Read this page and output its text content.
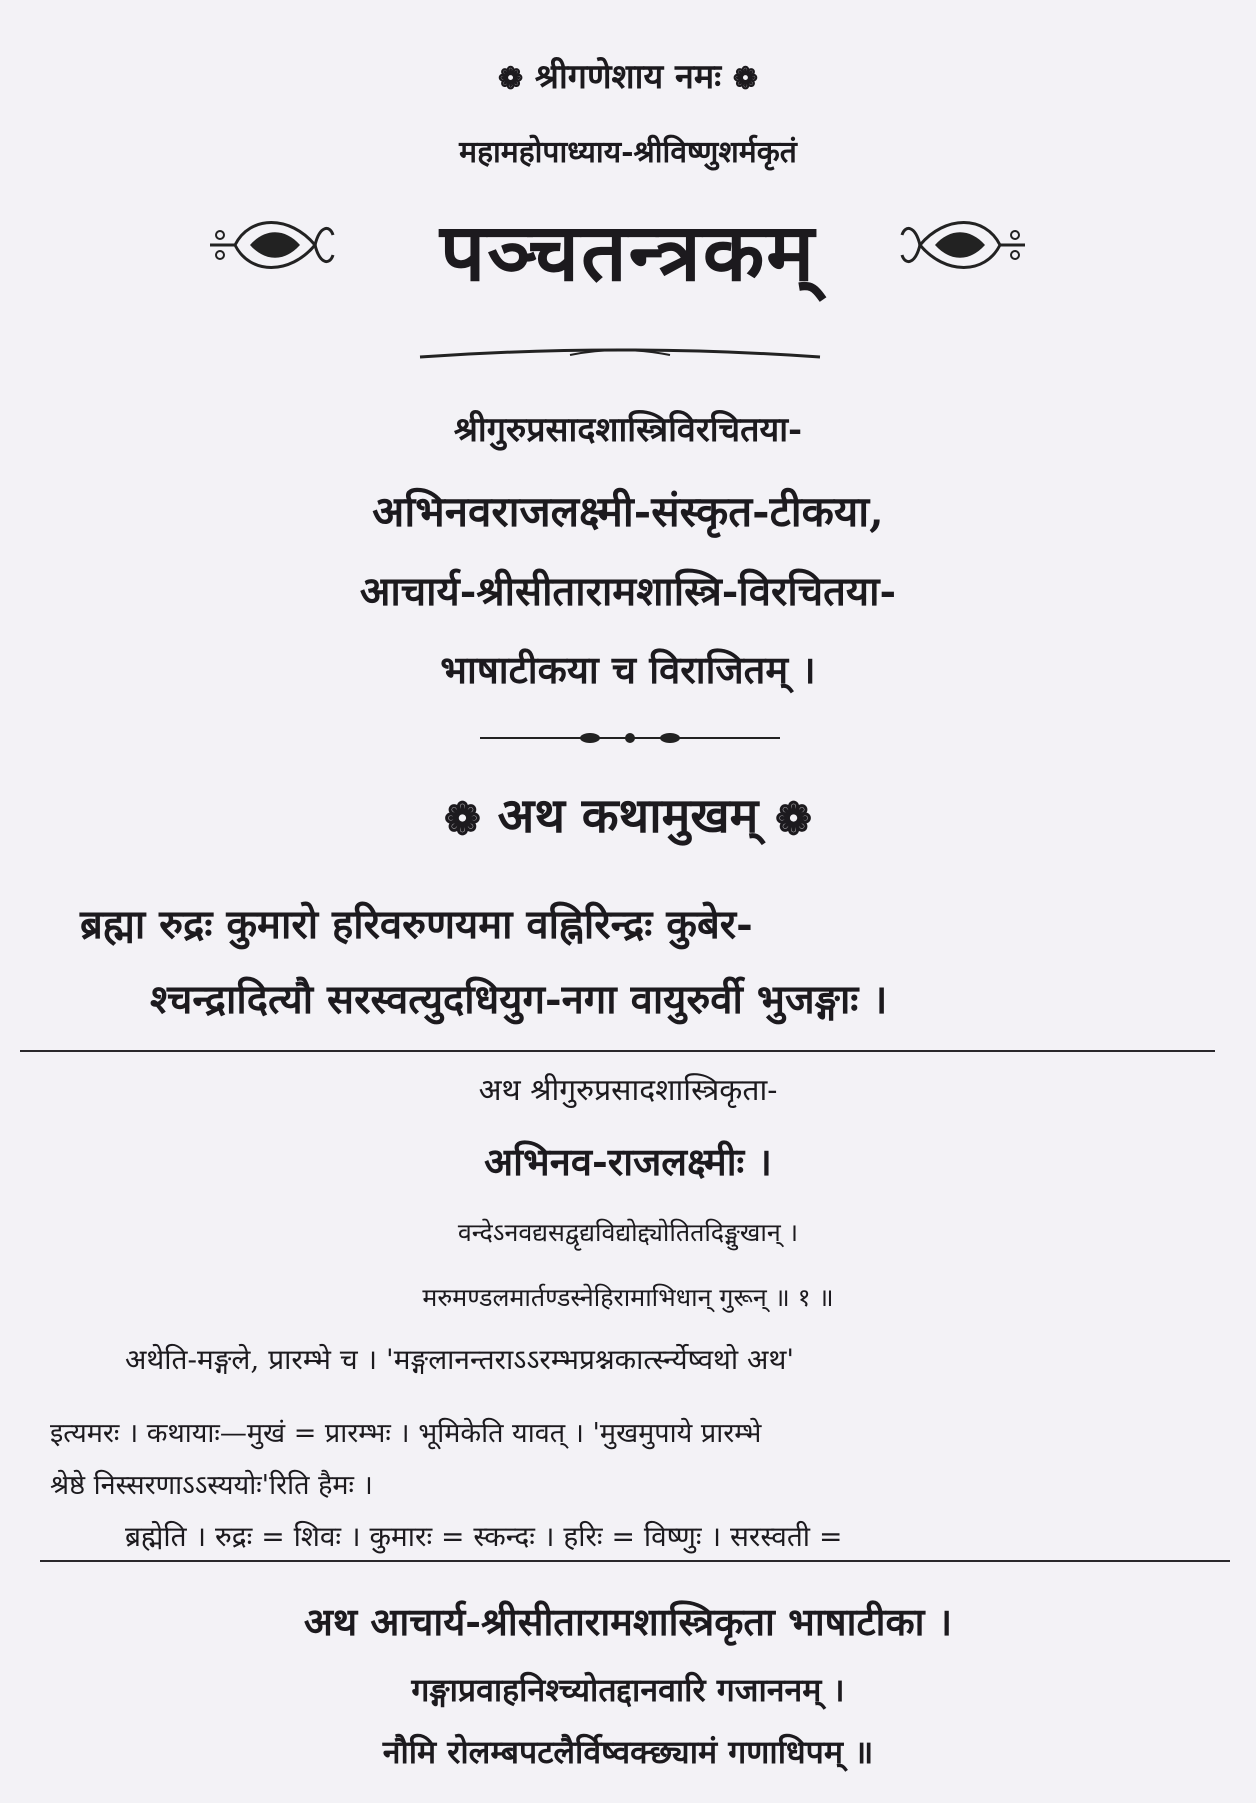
❁ श्रीगणेशाय नमः ❁
महामहोपाध्याय-श्रीविष्णुशर्मकृतं
पञ्चतन्त्रकम्
श्रीगुरुप्रसादशास्त्रिविरचितया-
अभिनवराजलक्ष्मी-संस्कृत-टीकया,
आचार्य-श्रीसीतारामशास्त्रि-विरचितया-
भाषाटीकया च विराजितम् ।
❁ अथ कथामुखम् ❁
ब्रह्मा रुद्रः कुमारो हरिवरुणयमा वह्निरिन्द्रः कुबेर-
श्चन्द्रादित्यौ सरस्वत्युदधियुग-नगा वायुरुर्वी भुजङ्गाः ।
अथ श्रीगुरुप्रसादशास्त्रिकृता-
अभिनव-राजलक्ष्मीः ।
वन्देऽनवद्यसद्वृद्यविद्योद्द्योतितदिङ्मुखान् ।
मरुमण्डलमार्तण्डस्नेहिरामाभिधान् गुरून् ॥ १ ॥
अथेति-मङ्गले, प्रारम्भे च । 'मङ्गलानन्तराऽऽरम्भप्रश्नकार्त्स्न्येष्वथो अथ'
इत्यमरः । कथायाः—मुखं = प्रारम्भः । भूमिकेति यावत् । 'मुखमुपाये प्रारम्भे
श्रेष्ठे निस्सरणाऽऽस्ययोः'रिति हैमः ।
ब्रह्मेति । रुद्रः = शिवः । कुमारः = स्कन्दः । हरिः = विष्णुः । सरस्वती =
अथ आचार्य-श्रीसीतारामशास्त्रिकृता भाषाटीका ।
गङ्गाप्रवाहनिश्च्योतद्दानवारि गजाननम् ।
नौमि रोलम्बपटलैर्विष्वक्छ्यामं गणाधिपम् ॥
